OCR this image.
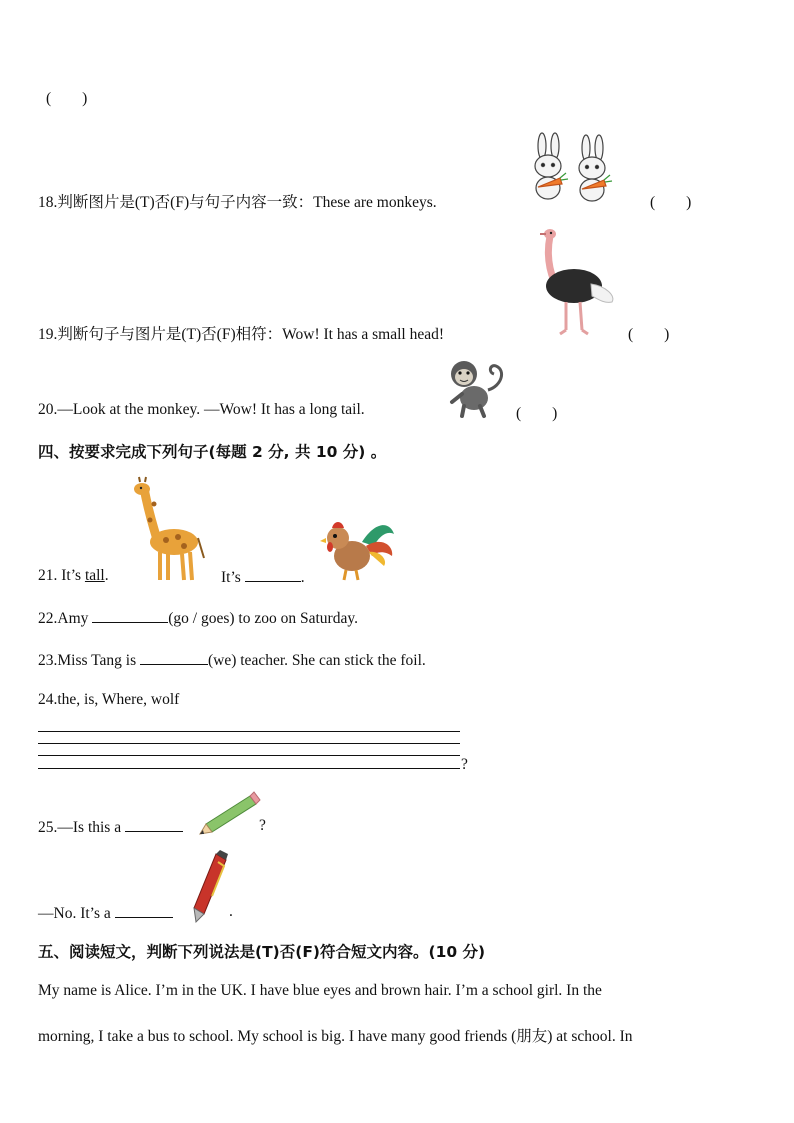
(　　)
18.判断图片是(T)否(F)与句子内容一致：These are monkeys.	(　　)
19.判断句子与图片是(T)否(F)相符：Wow! It has a small head!	(　　)
20.—Look at the monkey. —Wow! It has a long tail.	(　　)
四、按要求完成下列句子(每题 2 分, 共 10 分) 。
21. It’s tall.	It’s	.
22.Amy	(go / goes) to zoo on Saturday.
23.Miss Tang is	(we) teacher. She can stick the foil.
24.the, is, Where, wolf
?
25.—Is this a	?
—No. It’s a	.
五、阅读短文，判断下列说法是(T)否(F)符合短文内容。(10 分)
My name is Alice. I’m in the UK. I have blue eyes and brown hair. I’m a school girl. In the
morning, I take a bus to school. My school is big. I have many good friends (朋友) at school. In
